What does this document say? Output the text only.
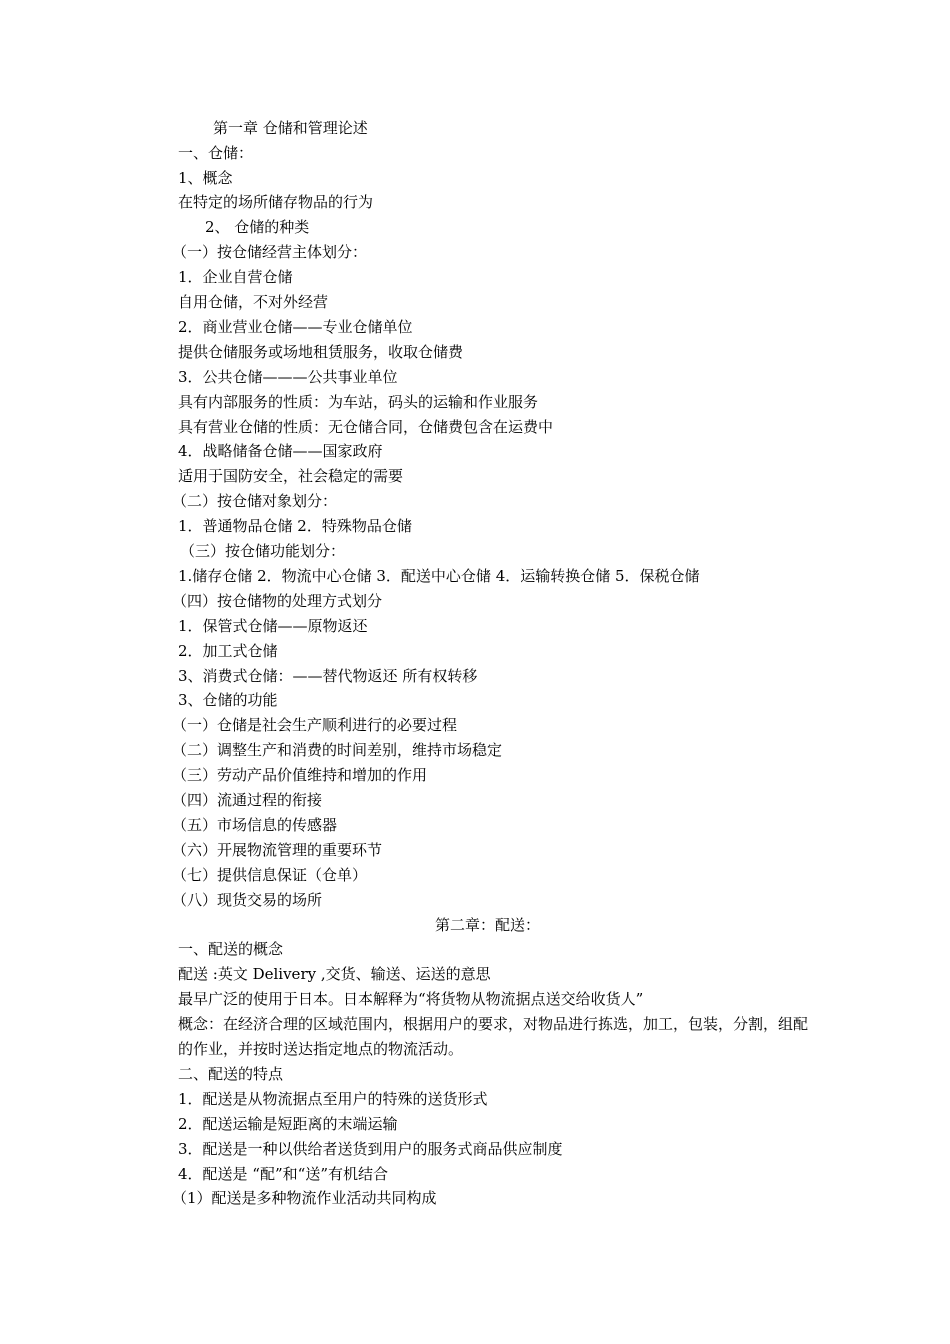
第一章 仓储和管理论述
一、仓储：
1、概念
在特定的场所储存物品的行为
2、 仓储的种类
（一）按仓储经营主体划分：
1．企业自营仓储
自用仓储，不对外经营
2．商业营业仓储——专业仓储单位
提供仓储服务或场地租赁服务，收取仓储费
3．公共仓储———公共事业单位
具有内部服务的性质：为车站，码头的运输和作业服务
具有营业仓储的性质：无仓储合同，仓储费包含在运费中
4．战略储备仓储——国家政府
适用于国防安全，社会稳定的需要
（二）按仓储对象划分：
1．普通物品仓储 2．特殊物品仓储
（三）按仓储功能划分：
1.储存仓储 2．物流中心仓储 3．配送中心仓储 4．运输转换仓储 5．保税仓储
（四）按仓储物的处理方式划分
1．保管式仓储——原物返还
2．加工式仓储
3、消费式仓储：——替代物返还 所有权转移
3、仓储的功能
（一）仓储是社会生产顺利进行的必要过程
（二）调整生产和消费的时间差别，维持市场稳定
（三）劳动产品价值维持和增加的作用
（四）流通过程的衔接
（五）市场信息的传感器
（六）开展物流管理的重要环节
（七）提供信息保证（仓单）
（八）现货交易的场所
第二章：配送：
一、配送的概念
配送 :英文 Delivery ,交货、输送、运送的意思
最早广泛的使用于日本。日本解释为“将货物从物流据点送交给收货人”
概念：在经济合理的区域范围内，根据用户的要求，对物品进行拣选，加工，包装，分割，组配的作业，并按时送达指定地点的物流活动。
二、配送的特点
1．配送是从物流据点至用户的特殊的送货形式
2．配送运输是短距离的末端运输
3．配送是一种以供给者送货到用户的服务式商品供应制度
4．配送是 “配”和“送”有机结合
（1）配送是多种物流作业活动共同构成
